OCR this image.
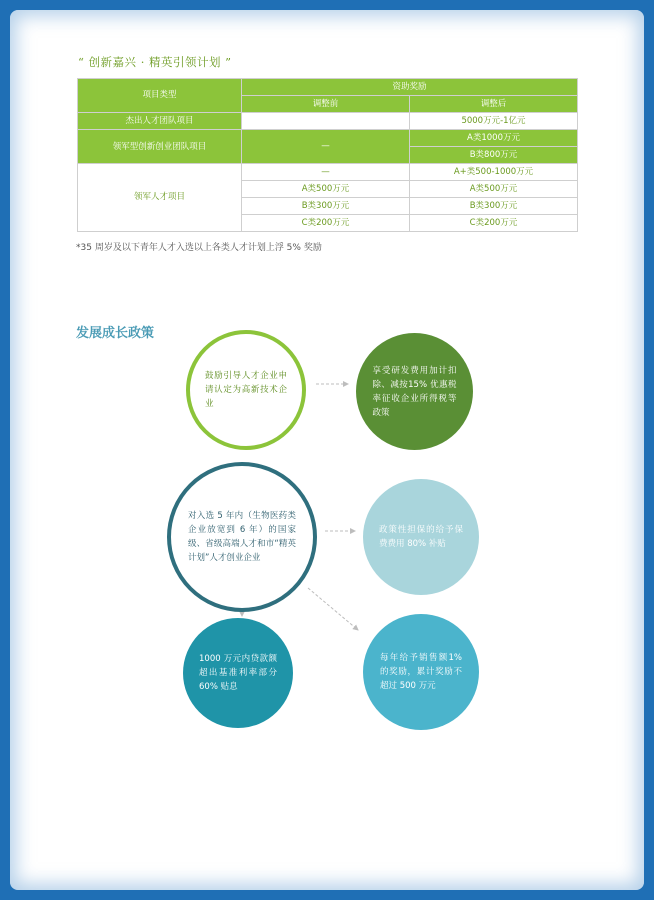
“ 创新嘉兴 · 精英引领计划 ”
项目类型	资助奖励	
	调整前	调整后
杰出人才团队项目		5000万元-1亿元

领军型创新创业团队项目	—	A类1000万元
		B类800万元
领军人才项目	—	A+类500-1000万元
	A类500万元	A类500万元
	B类300万元	B类300万元
	C类200万元	C类200万元
*35 周岁及以下青年人才入选以上各类人才计划上浮 5% 奖励
发展成长政策
鼓励引导人才企业申请认定为高新技术企业
享受研发费用加计扣除、减按15% 优惠税率征收企业所得税等政策
对入选 5 年内（生物医药类企业放宽到 6 年）的国家级、省级高端人才和市“精英计划”人才创业企业
政策性担保的给予保费费用 80% 补贴
1000 万元内贷款额超出基准利率部分 60% 贴息
每年给予销售额1% 的奖励，累计奖励不超过 500 万元
